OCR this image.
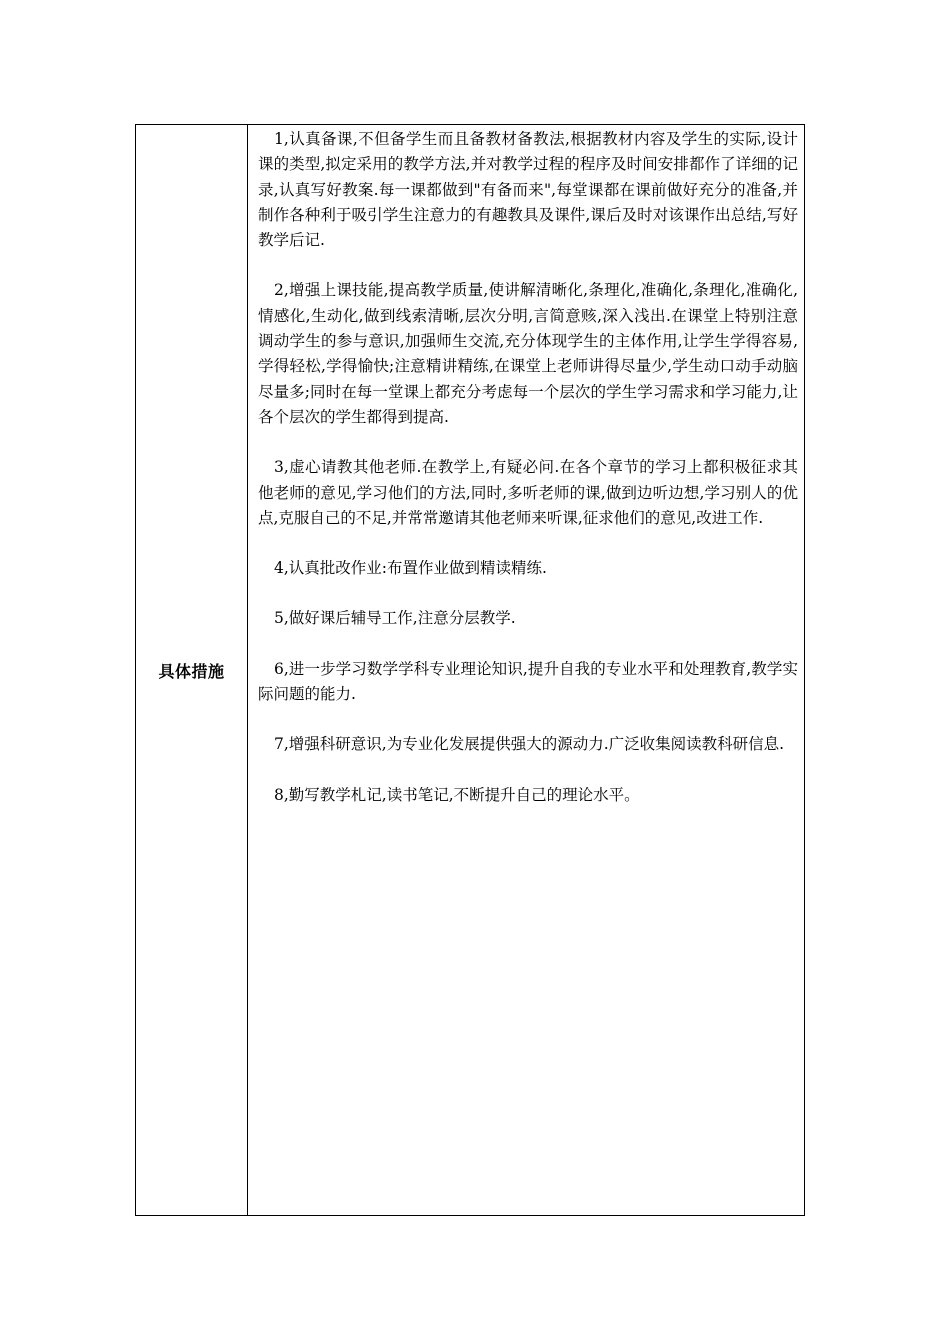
具体措施

1,认真备课,不但备学生而且备教材备教法,根据教材内容及学生的实际,设计课的类型,拟定采用的教学方法,并对教学过程的程序及时间安排都作了详细的记录,认真写好教案.每一课都做到"有备而来",每堂课都在课前做好充分的准备,并制作各种利于吸引学生注意力的有趣教具及课件,课后及时对该课作出总结,写好教学后记.

2,增强上课技能,提高教学质量,使讲解清晰化,条理化,准确化,条理化,准确化,情感化,生动化,做到线索清晰,层次分明,言简意赅,深入浅出.在课堂上特别注意调动学生的参与意识,加强师生交流,充分体现学生的主体作用,让学生学得容易,学得轻松,学得愉快;注意精讲精练,在课堂上老师讲得尽量少,学生动口动手动脑尽量多;同时在每一堂课上都充分考虑每一个层次的学生学习需求和学习能力,让各个层次的学生都得到提高.

3,虚心请教其他老师.在教学上,有疑必问.在各个章节的学习上都积极征求其他老师的意见,学习他们的方法,同时,多听老师的课,做到边听边想,学习别人的优点,克服自己的不足,并常常邀请其他老师来听课,征求他们的意见,改进工作.

4,认真批改作业:布置作业做到精读精练.

5,做好课后辅导工作,注意分层教学.

6,进一步学习数学学科专业理论知识,提升自我的专业水平和处理教育,教学实际问题的能力.

7,增强科研意识,为专业化发展提供强大的源动力.广泛收集阅读教科研信息.

8,勤写教学札记,读书笔记,不断提升自己的理论水平。
